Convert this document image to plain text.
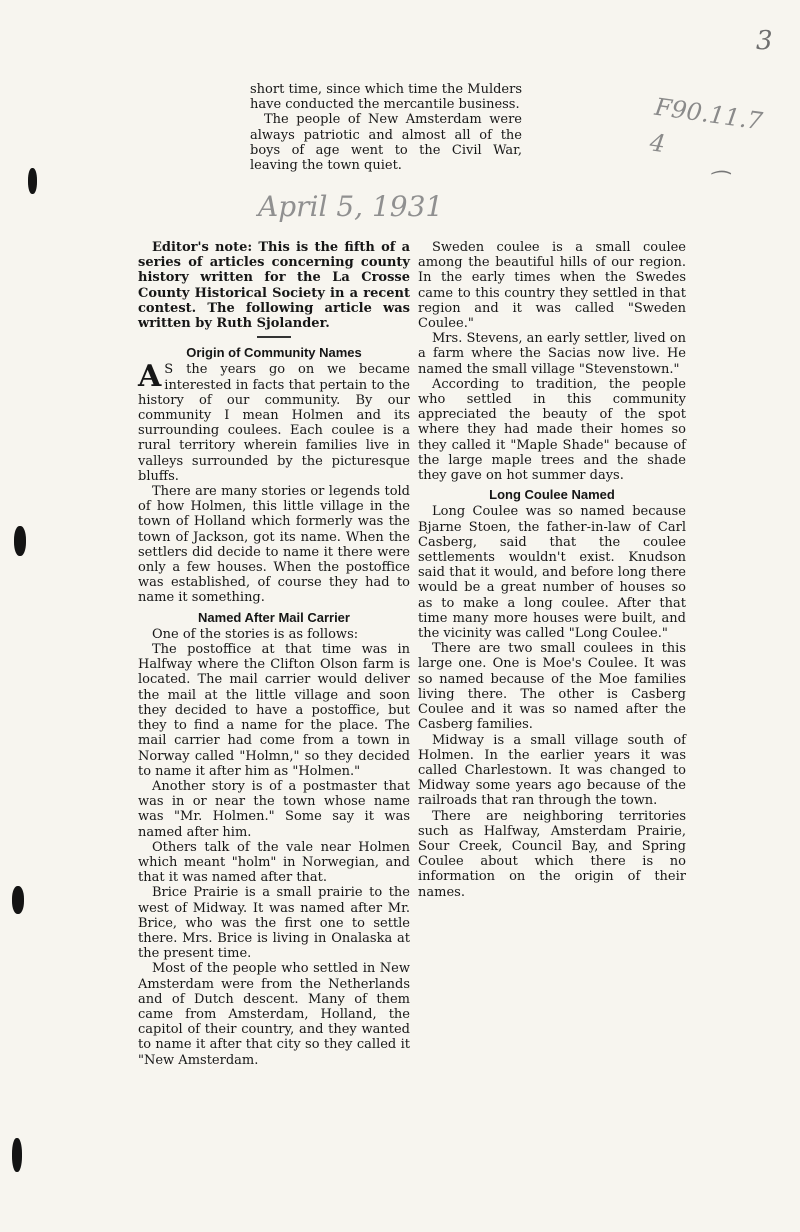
3
F90.11.7 4
⁀

short time, since which time the Mulders have conducted the mercantile business.

The people of New Amsterdam were always patriotic and almost all of the boys of age went to the Civil War, leaving the town quiet.

April 5, 1931

Editor's note: This is the fifth of a series of articles concerning county history written for the La Crosse County Historical Society in a recent contest. The following article was written by Ruth Sjolander.

Origin of Community Names

A S the years go on we became interested in facts that pertain to the history of our community. By our community I mean Holmen and its surrounding coulees. Each coulee is a rural territory wherein families live in valleys surrounded by the picturesque bluffs.

There are many stories or legends told of how Holmen, this little village in the town of Holland which formerly was the town of Jackson, got its name. When the settlers did decide to name it there were only a few houses. When the postoffice was established, of course they had to name it something.

Named After Mail Carrier

One of the stories is as follows:

The postoffice at that time was in Halfway where the Clifton Olson farm is located. The mail carrier would deliver the mail at the little village and soon they decided to have a postoffice, but they to find a name for the place. The mail carrier had come from a town in Norway called "Holmn," so they decided to name it after him as "Holmen."

Another story is of a postmaster that was in or near the town whose name was "Mr. Holmen." Some say it was named after him.

Others talk of the vale near Holmen which meant "holm" in Norwegian, and that it was named after that.

Brice Prairie is a small prairie to the west of Midway. It was named after Mr. Brice, who was the first one to settle there. Mrs. Brice is living in Onalaska at the present time.

Most of the people who settled in New Amsterdam were from the Netherlands and of Dutch descent. Many of them came from Amsterdam, Holland, the capitol of their country, and they wanted to name it after that city so they called it "New Amsterdam.

Sweden coulee is a small coulee among the beautiful hills of our region. In the early times when the Swedes came to this country they settled in that region and it was called "Sweden Coulee."

Mrs. Stevens, an early settler, lived on a farm where the Sacias now live. He named the small village "Stevenstown."

According to tradition, the people who settled in this community appreciated the beauty of the spot where they had made their homes so they called it "Maple Shade" because of the large maple trees and the shade they gave on hot summer days.

Long Coulee Named

Long Coulee was so named because Bjarne Stoen, the father-in-law of Carl Casberg, said that the coulee settlements wouldn't exist. Knudson said that it would, and before long there would be a great number of houses so as to make a long coulee. After that time many more houses were built, and the vicinity was called "Long Coulee."

There are two small coulees in this large one. One is Moe's Coulee. It was so named because of the Moe families living there. The other is Casberg Coulee and it was so named after the Casberg families.

Midway is a small village south of Holmen. In the earlier years it was called Charlestown. It was changed to Midway some years ago because of the railroads that ran through the town.

There are neighboring territories such as Halfway, Amsterdam Prairie, Sour Creek, Council Bay, and Spring Coulee about which there is no information on the origin of their names.
